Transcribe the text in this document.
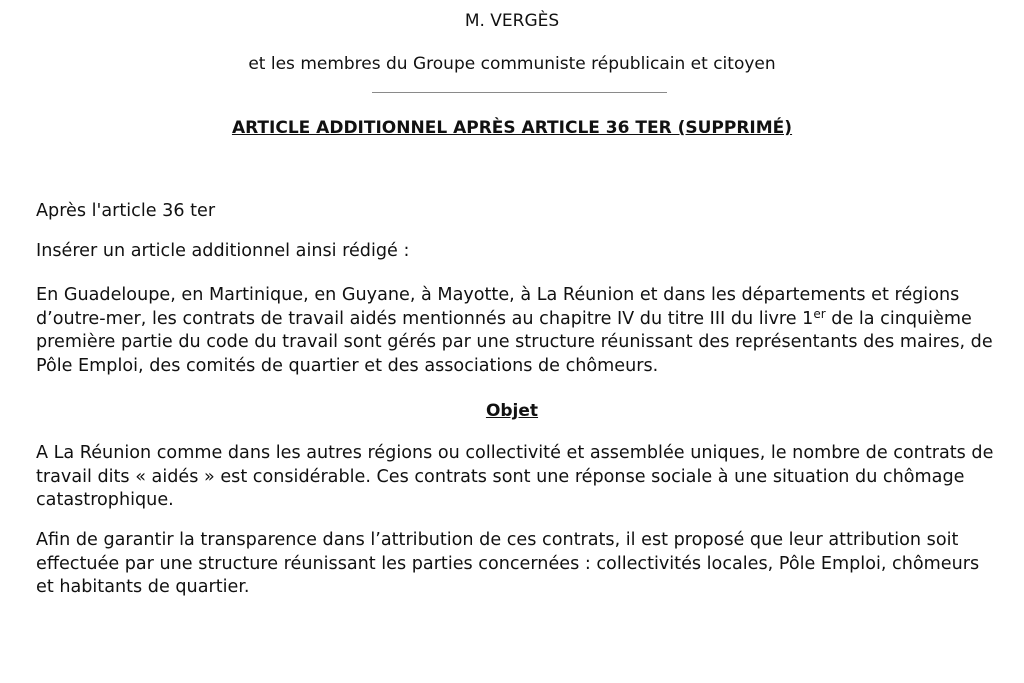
M. VERGÈS
et les membres du Groupe communiste républicain et citoyen
ARTICLE ADDITIONNEL APRÈS ARTICLE 36 TER (SUPPRIMÉ)

Après l'article 36 ter

Insérer un article additionnel ainsi rédigé :

En Guadeloupe, en Martinique, en Guyane, à Mayotte, à La Réunion et dans les départements et régions d’outre-mer, les contrats de travail aidés mentionnés au chapitre IV du titre III du livre 1er de la cinquième première partie du code du travail sont gérés par une structure réunissant des représentants des maires, de Pôle Emploi, des comités de quartier et des associations de chômeurs.

Objet

A La Réunion comme dans les autres régions ou collectivité et assemblée uniques, le nombre de contrats de travail dits « aidés » est considérable. Ces contrats sont une réponse sociale à une situation du chômage catastrophique.

Afin de garantir la transparence dans l’attribution de ces contrats, il est proposé que leur attribution soit effectuée par une structure réunissant les parties concernées : collectivités locales, Pôle Emploi, chômeurs et habitants de quartier.
